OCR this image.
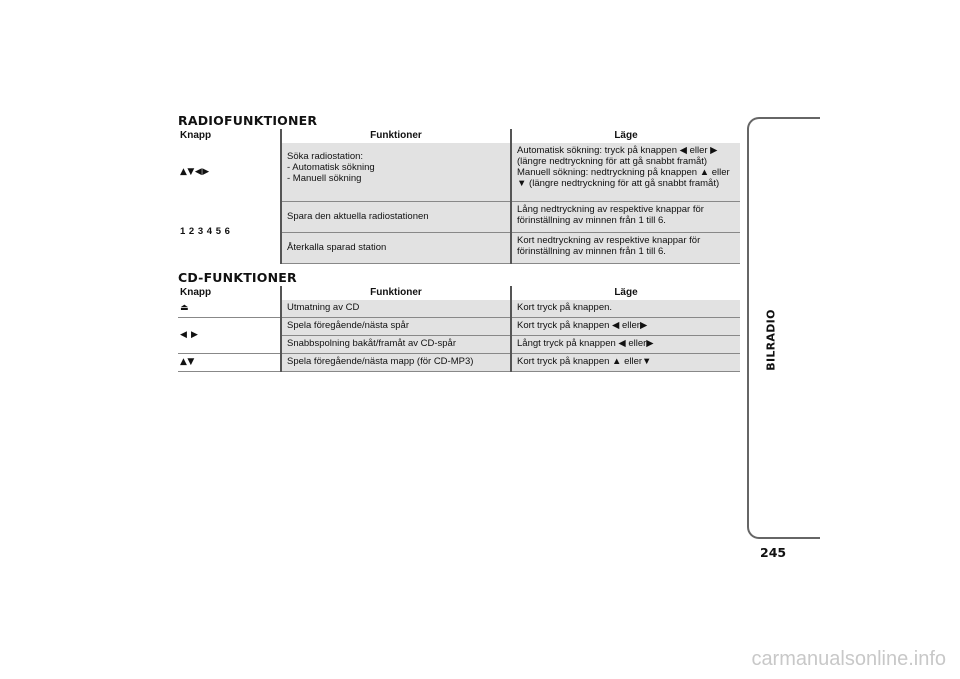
RADIOFUNKTIONER
Knapp	Funktioner	Läge
▲▼◀▶	Söka radiostation:
- Automatisk sökning
- Manuell sökning	Automatisk sökning: tryck på knappen ◀ eller ▶ (längre nedtryckning för att gå snabbt framåt)
Manuell sökning: nedtryckning på knappen ▲ eller ▼ (längre nedtryckning för att gå snabbt framåt)

1 2 3 4 5 6	Spara den aktuella radiostationen	Lång nedtryckning av respektive knappar för förinställning av minnen från 1 till 6.
	Återkalla sparad station	Kort nedtryckning av respektive knappar för förinställning av minnen från 1 till 6.
CD-FUNKTIONER
Knapp	Funktioner	Läge
⏏	Utmatning av CD	Kort tryck på knappen.
◀ ▶	Spela föregående/nästa spår	Kort tryck på knappen ◀ eller▶
	Snabbspolning bakåt/framåt av CD-spår	Långt tryck på knappen ◀ eller▶
▲▼	Spela föregående/nästa mapp (för CD-MP3)	Kort tryck på knappen ▲ eller▼	BILRADIO
245
carmanualsonline.info
